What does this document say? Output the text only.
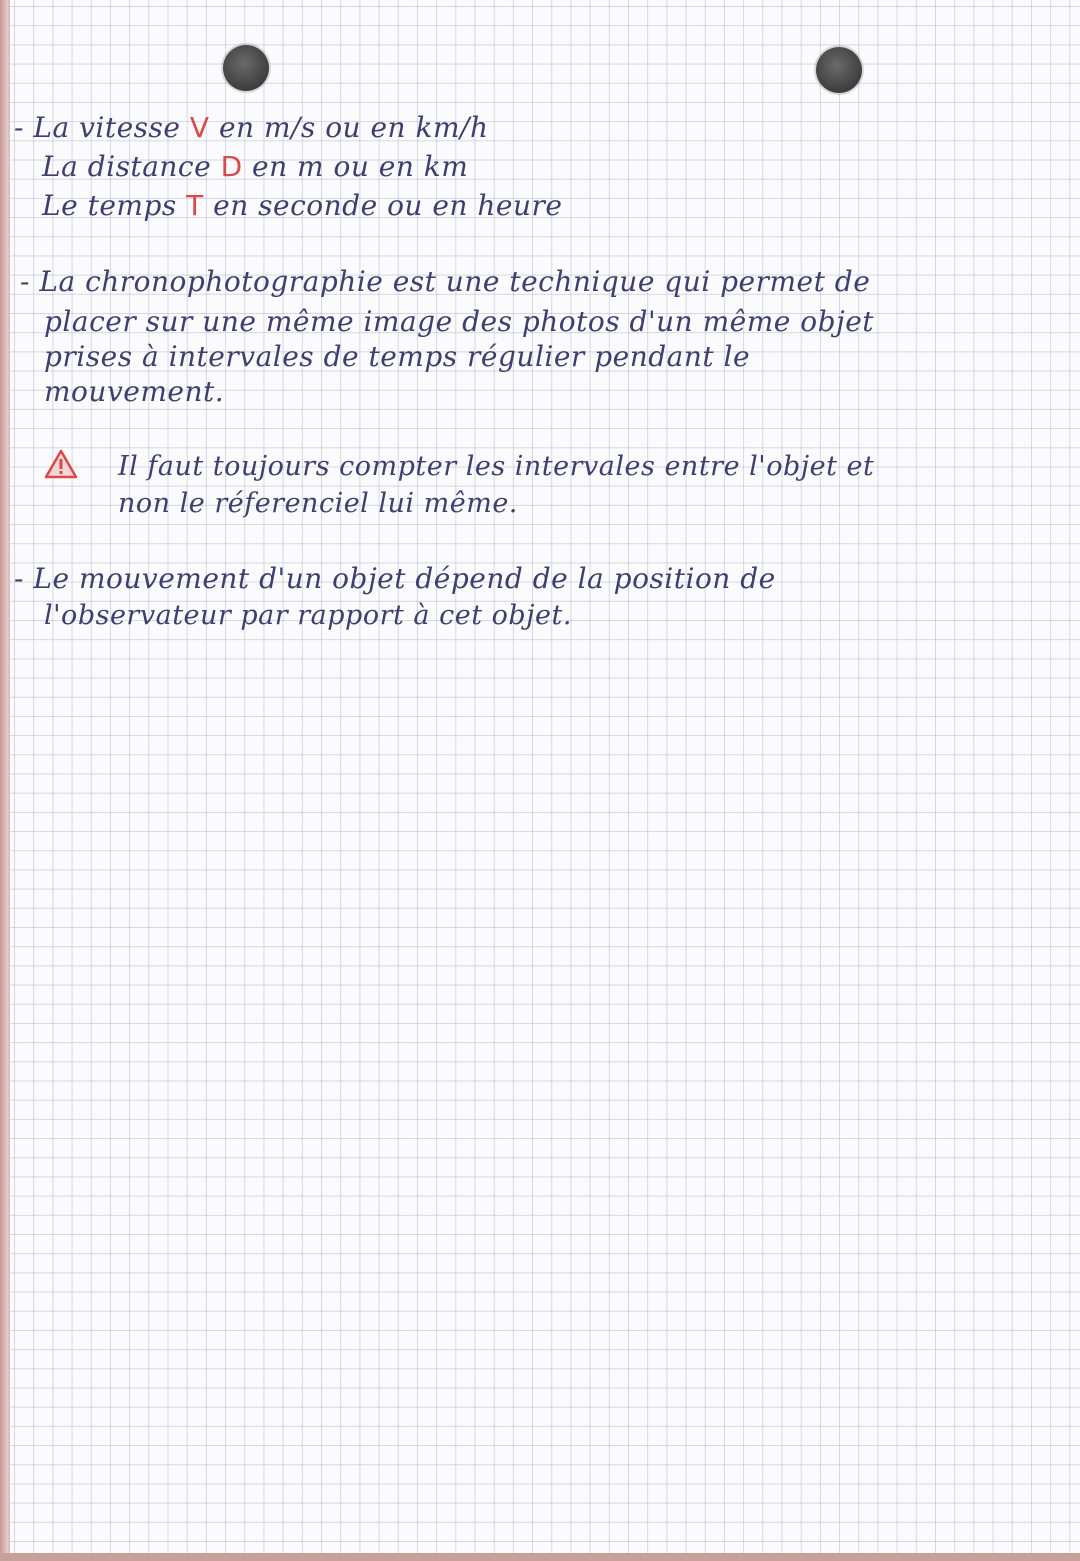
- La vitesse V en m/s ou en km/h
La distance D en m ou en km
Le temps T en seconde ou en heure
- La chronophotographie est une technique qui permet de
placer sur une même image des photos d'un même objet
prises à intervales de temps régulier pendant le
mouvement.
Il faut toujours compter les intervales entre l'objet et
non le réferenciel lui même.
- Le mouvement d'un objet dépend de la position de
l'observateur par rapport à cet objet.
